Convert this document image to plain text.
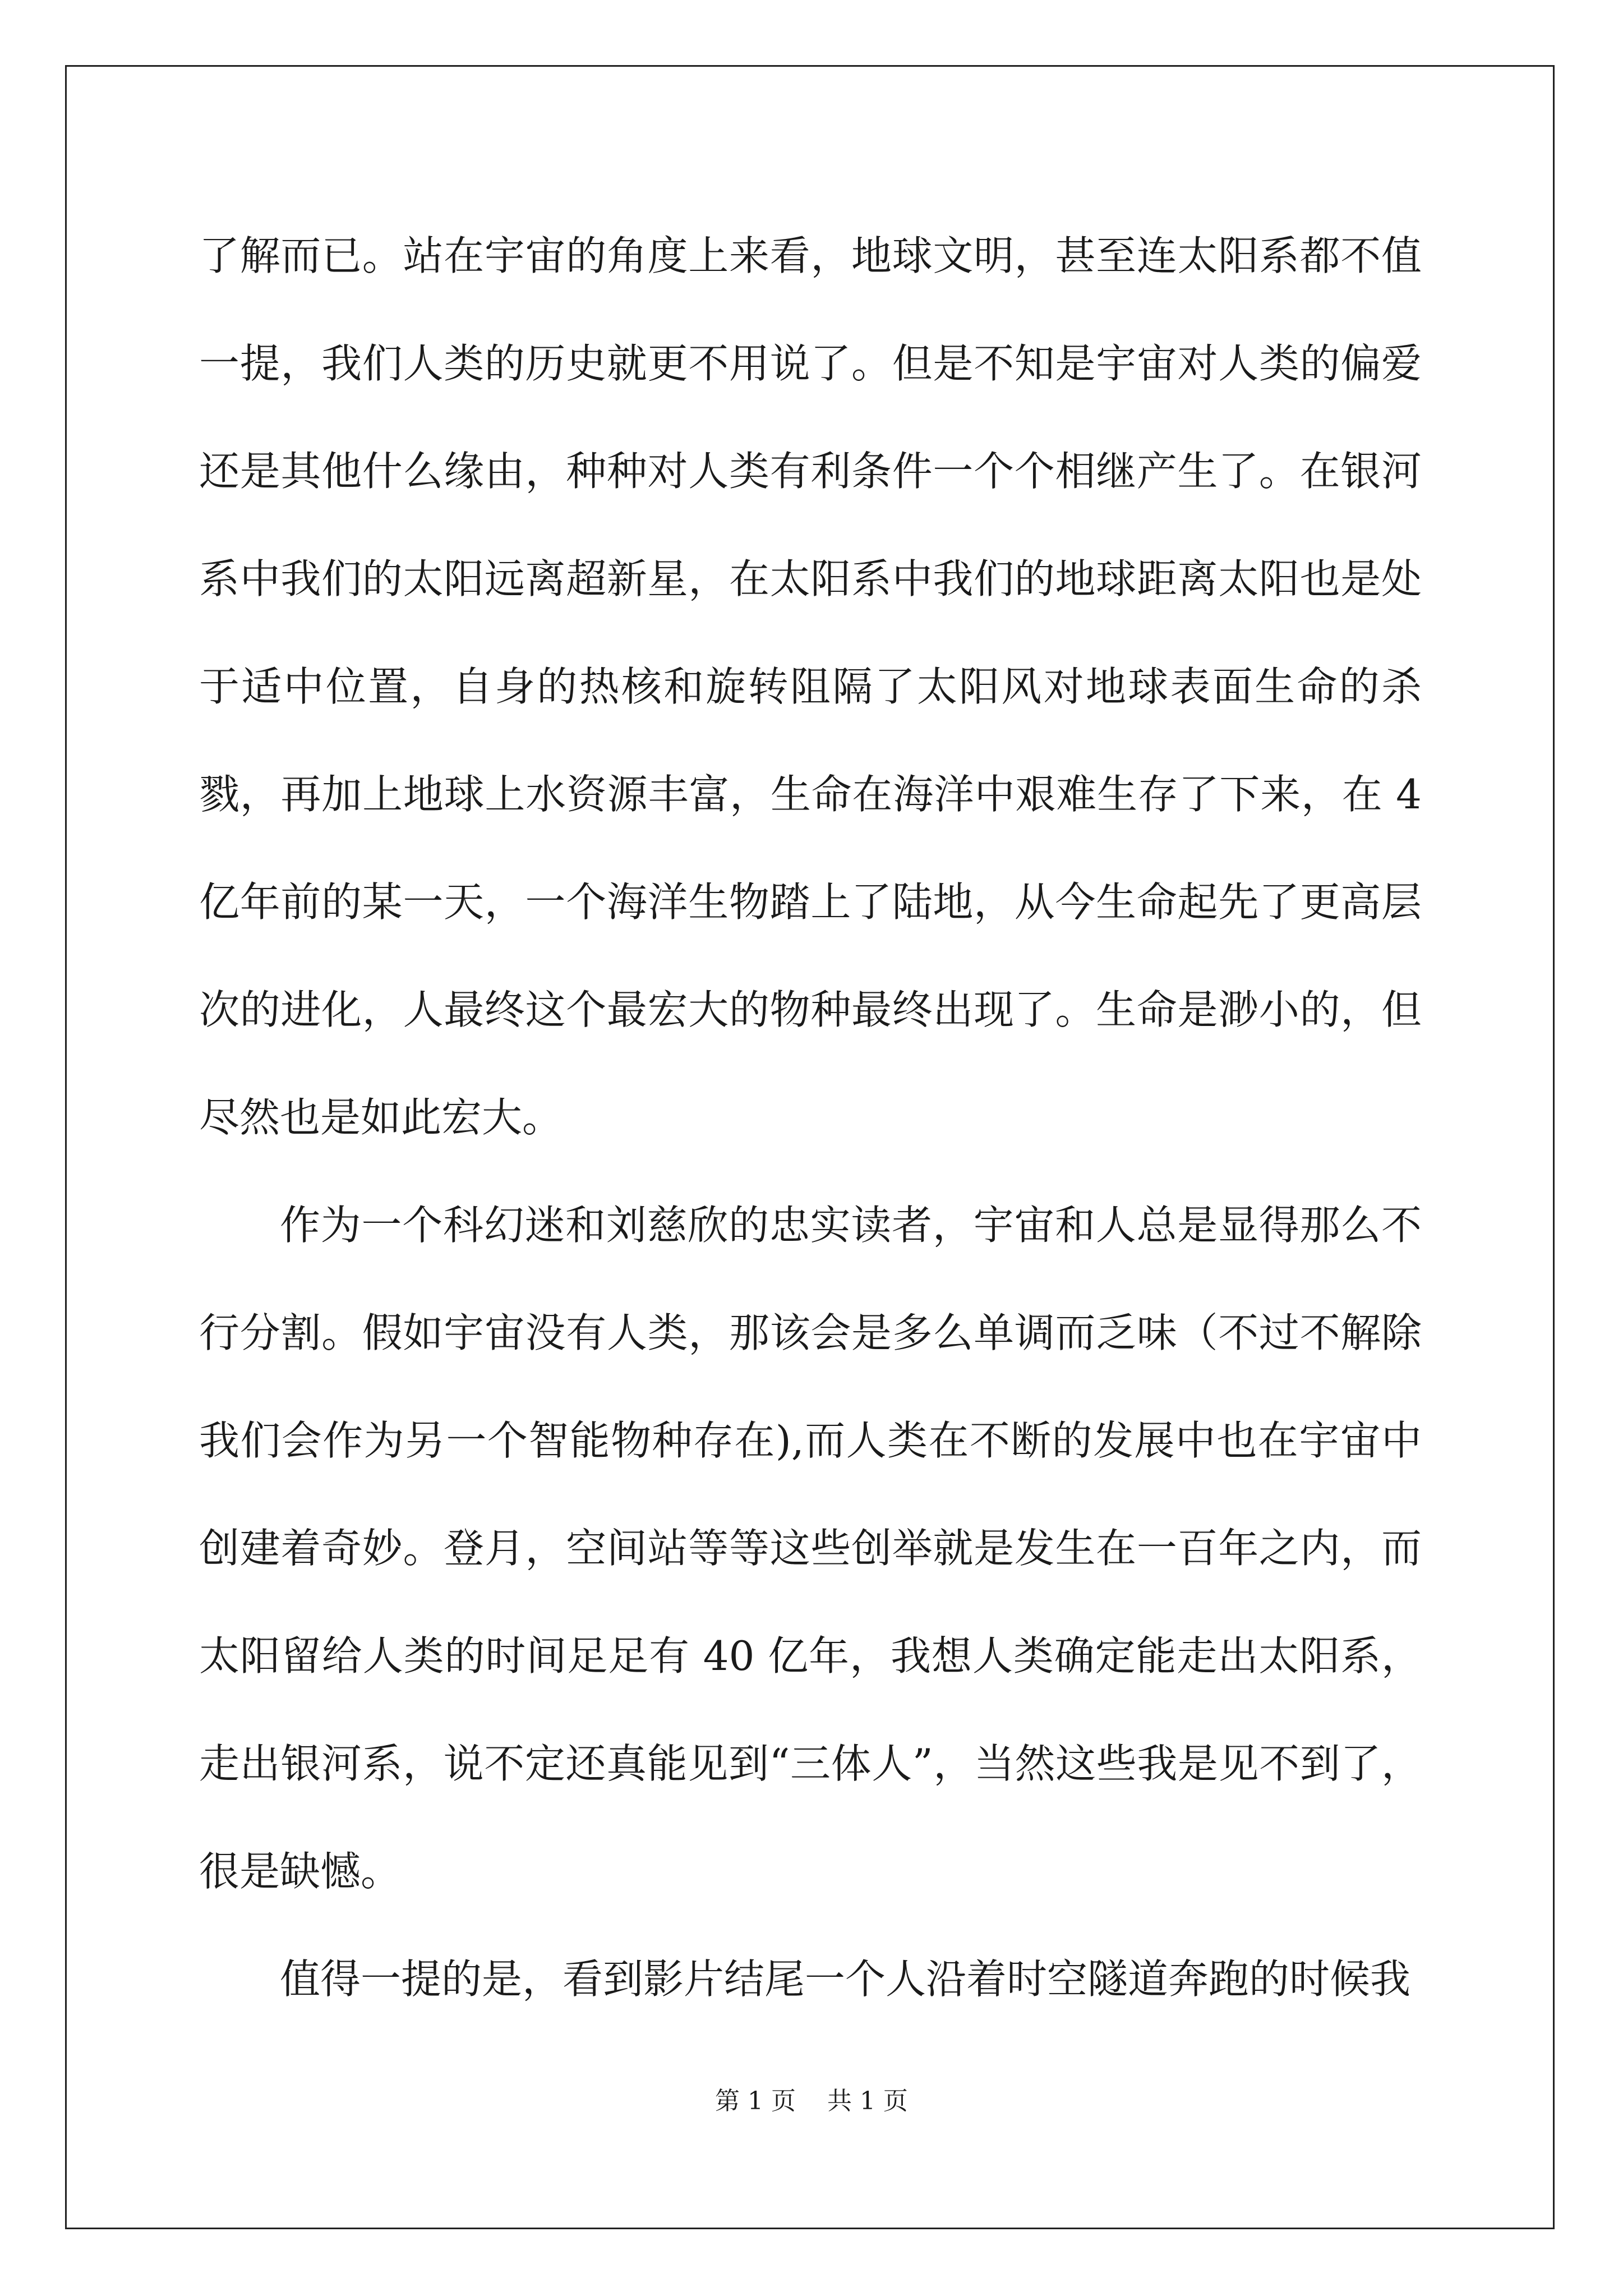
了解而已。站在宇宙的角度上来看，地球文明，甚至连太阳系都不值一提，我们人类的历史就更不用说了。但是不知是宇宙对人类的偏爱还是其他什么缘由，种种对人类有利条件一个个相继产生了。在银河系中我们的太阳远离超新星，在太阳系中我们的地球距离太阳也是处于适中位置，自身的热核和旋转阻隔了太阳风对地球表面生命的杀戮，再加上地球上水资源丰富，生命在海洋中艰难生存了下来，在 4 亿年前的某一天，一个海洋生物踏上了陆地，从今生命起先了更高层次的进化，人最终这个最宏大的物种最终出现了。生命是渺小的，但尽然也是如此宏大。

作为一个科幻迷和刘慈欣的忠实读者，宇宙和人总是显得那么不行分割。假如宇宙没有人类，那该会是多么单调而乏味（不过不解除我们会作为另一个智能物种存在),而人类在不断的发展中也在宇宙中创建着奇妙。登月，空间站等等这些创举就是发生在一百年之内，而太阳留给人类的时间足足有 40 亿年，我想人类确定能走出太阳系，走出银河系，说不定还真能见到“三体人”，当然这些我是见不到了，很是缺憾。

值得一提的是，看到影片结尾一个人沿着时空隧道奔跑的时候我

第 1 页    共 1 页
